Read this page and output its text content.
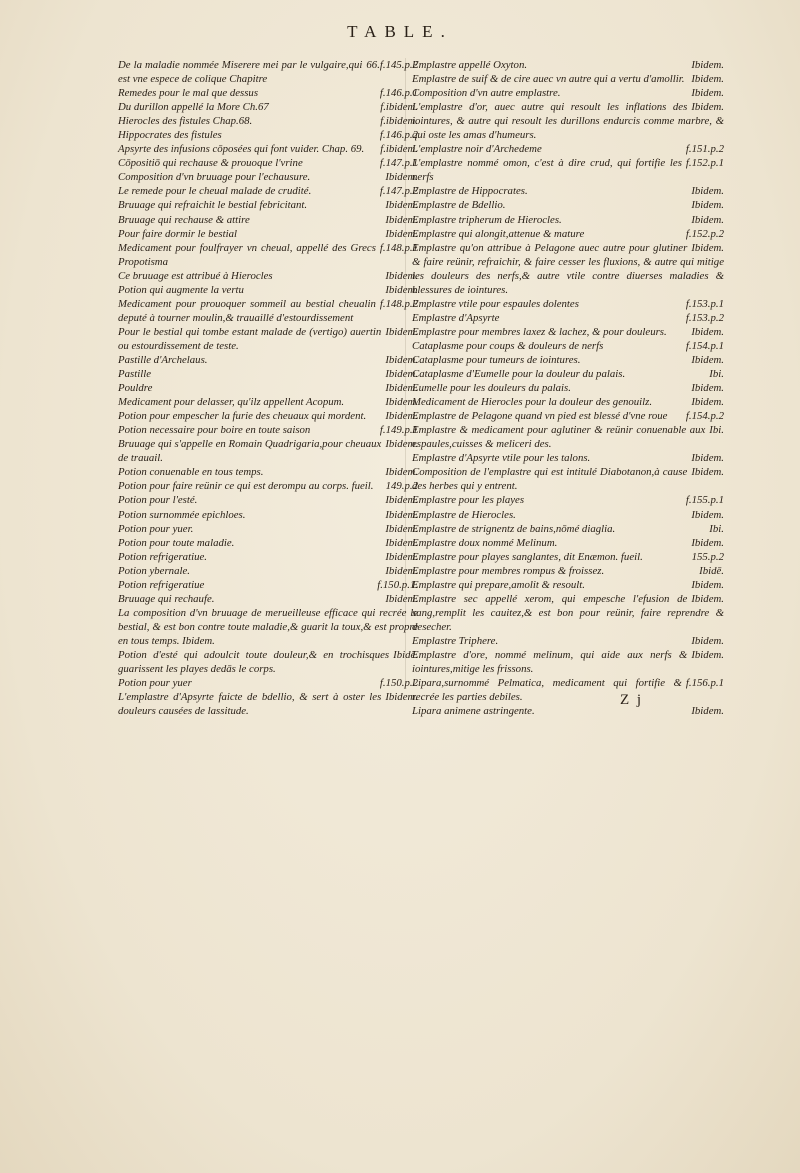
TABLE.

66.f.145.p.2
De la maladie nommée Miserere mei par le vulgaire,qui est vne espece de colique Chapitre

f.146.p.1
Remedes pour le mal que dessus

f.ibidem.
Du durillon appellé la More Ch.67

f.ibidem.
Hierocles des fistules Chap.68.

f.146.p.2
Hippocrates des fistules

f.ibidem.
Apsyrte des infusions cōposées qui font vuider. Chap. 69.

f.147.p.1
Cōpositiō qui rechause & prouoque l'vrine

Ibidem.
Composition d'vn bruuage pour l'echausure.

f.147.p.2
Le remede pour le cheual malade de crudité.

Ibidem.
Bruuage qui refraichit le bestial febricitant.

Ibidem.
Bruuage qui rechause & attire

Ibidem.
Pour faire dormir le bestial

f.148.p.1
Medicament pour foulfrayer vn cheual, appellé des Grecs Propotisma

Ibidem.
Ce bruuage est attribué à Hierocles

Ibidem.
Potion qui augmente la vertu

f.148.p.2
Medicament pour prouoquer sommeil au bestial cheualin deputé à tourner moulin,& trauaillé d'estourdissement

Ibidem.
Pour le bestial qui tombe estant malade de (vertigo) auertin ou estourdissement de teste.

Ibidem.
Pastille d'Archelaus.

Ibidem.
Pastille

Ibidem.
Pouldre

Ibidem.
Medicament pour delasser, qu'ilz appellent Acopum.

Ibidem.
Potion pour empescher la furie des cheuaux qui mordent.

f.149.p.1
Potion necessaire pour boire en toute saison

Ibidem.
Bruuage qui s'appelle en Romain Quadrigaria,pour cheuaux de trauail.

Ibidem.
Potion conuenable en tous temps.

149.p.2
Potion pour faire reünir ce qui est derompu au corps. fueil.

Ibidem.
Potion pour l'esté.

Ibidem.
Potion surnommée epichloes.

Ibidem.
Potion pour yuer.

Ibidem.
Potion pour toute maladie.

Ibidem.
Potion refrigeratiue.

Ibidem.
Potion ybernale.

f.150.p.1.
Potion refrigeratiue

Ibidem.
Bruuage qui rechaufe.

La composition d'vn bruuage de merueilleuse efficace qui recrée le bestial, & est bon contre toute maladie,& guarit la toux,& est propre en tous temps. Ibidem.

Ibidē.
Potion d'esté qui adoulcit toute douleur,& en trochisques guarissent les playes dedās le corps.

f.150.p.2
Potion pour yuer

Ibidem.
L'emplastre d'Apsyrte faicte de bdellio, & sert à oster les douleurs causées de lassitude.

Ibidem.
Emplastre appellé Oxyton.

Ibidem.
Emplastre de suif & de cire auec vn autre qui a vertu d'amollir.

Ibidem.
Composition d'vn autre emplastre.

Ibidem.
L'emplastre d'or, auec autre qui resoult les inflations des iointures, & autre qui resoult les durillons endurcis comme marbre, & qui oste les amas d'humeurs.

f.151.p.2
L'emplastre noir d'Archedeme

f.152.p.1
L'emplastre nommé omon, c'est à dire crud, qui fortifie les nerfs

Ibidem.
Emplastre de Hippocrates.

Ibidem.
Emplastre de Bdellio.

Ibidem.
Emplastre tripherum de Hierocles.

f.152.p.2
Emplastre qui alongit,attenue & mature

Ibidem.
Emplastre qu'on attribue à Pelagone auec autre pour glutiner & faire reünir, refraichir, & faire cesser les fluxions, & autre qui mitige les douleurs des nerfs,& autre vtile contre diuerses maladies & blessures de iointures.

f.153.p.1
Emplastre vtile pour espaules dolentes

f.153.p.2
Emplastre d'Apsyrte

Ibidem.
Emplastre pour membres laxez & lachez, & pour douleurs.

f.154.p.1
Cataplasme pour coups & douleurs de nerfs

Ibidem.
Cataplasme pour tumeurs de iointures.

Ibi.
Cataplasme d'Eumelle pour la douleur du palais.

Ibidem.
Eumelle pour les douleurs du palais.

Ibidem.
Medicament de Hierocles pour la douleur des genouilz.

f.154.p.2
Emplastre de Pelagone quand vn pied est blessé d'vne roue

Ibi.
Emplastre & medicament pour aglutiner & reünir conuenable aux espaules,cuisses & meliceri des.

Ibidem.
Emplastre d'Apsyrte vtile pour les talons.

Ibidem.
Composition de l'emplastre qui est intitulé Diabotanon,à cause des herbes qui y entrent.

f.155.p.1
Emplastre pour les playes

Ibidem.
Emplastre de Hierocles.

Ibi.
Emplastre de strignentz de bains,nōmé diaglia.

Ibidem.
Emplastre doux nommé Melinum.

155.p.2
Emplastre pour playes sanglantes, dit Enæmon. fueil.

Ibidē.
Emplastre pour membres rompus & froissez.

Ibidem.
Emplastre qui prepare,amolit & resoult.

Ibidem.
Emplastre sec appellé xerom, qui empesche l'efusion de sang,remplit les cauitez,& est bon pour reünir, faire reprendre & desecher.

Ibidem.
Emplastre Triphere.

Ibidem.
Emplastre d'ore, nommé melinum, qui aide aux nerfs & iointures,mitige les frissons.

f.156.p.1
Lipara,surnommé Pelmatica, medicament qui fortifie & recrée les parties debiles.

Ibidem.
Lipara animene astringente.

Z j
